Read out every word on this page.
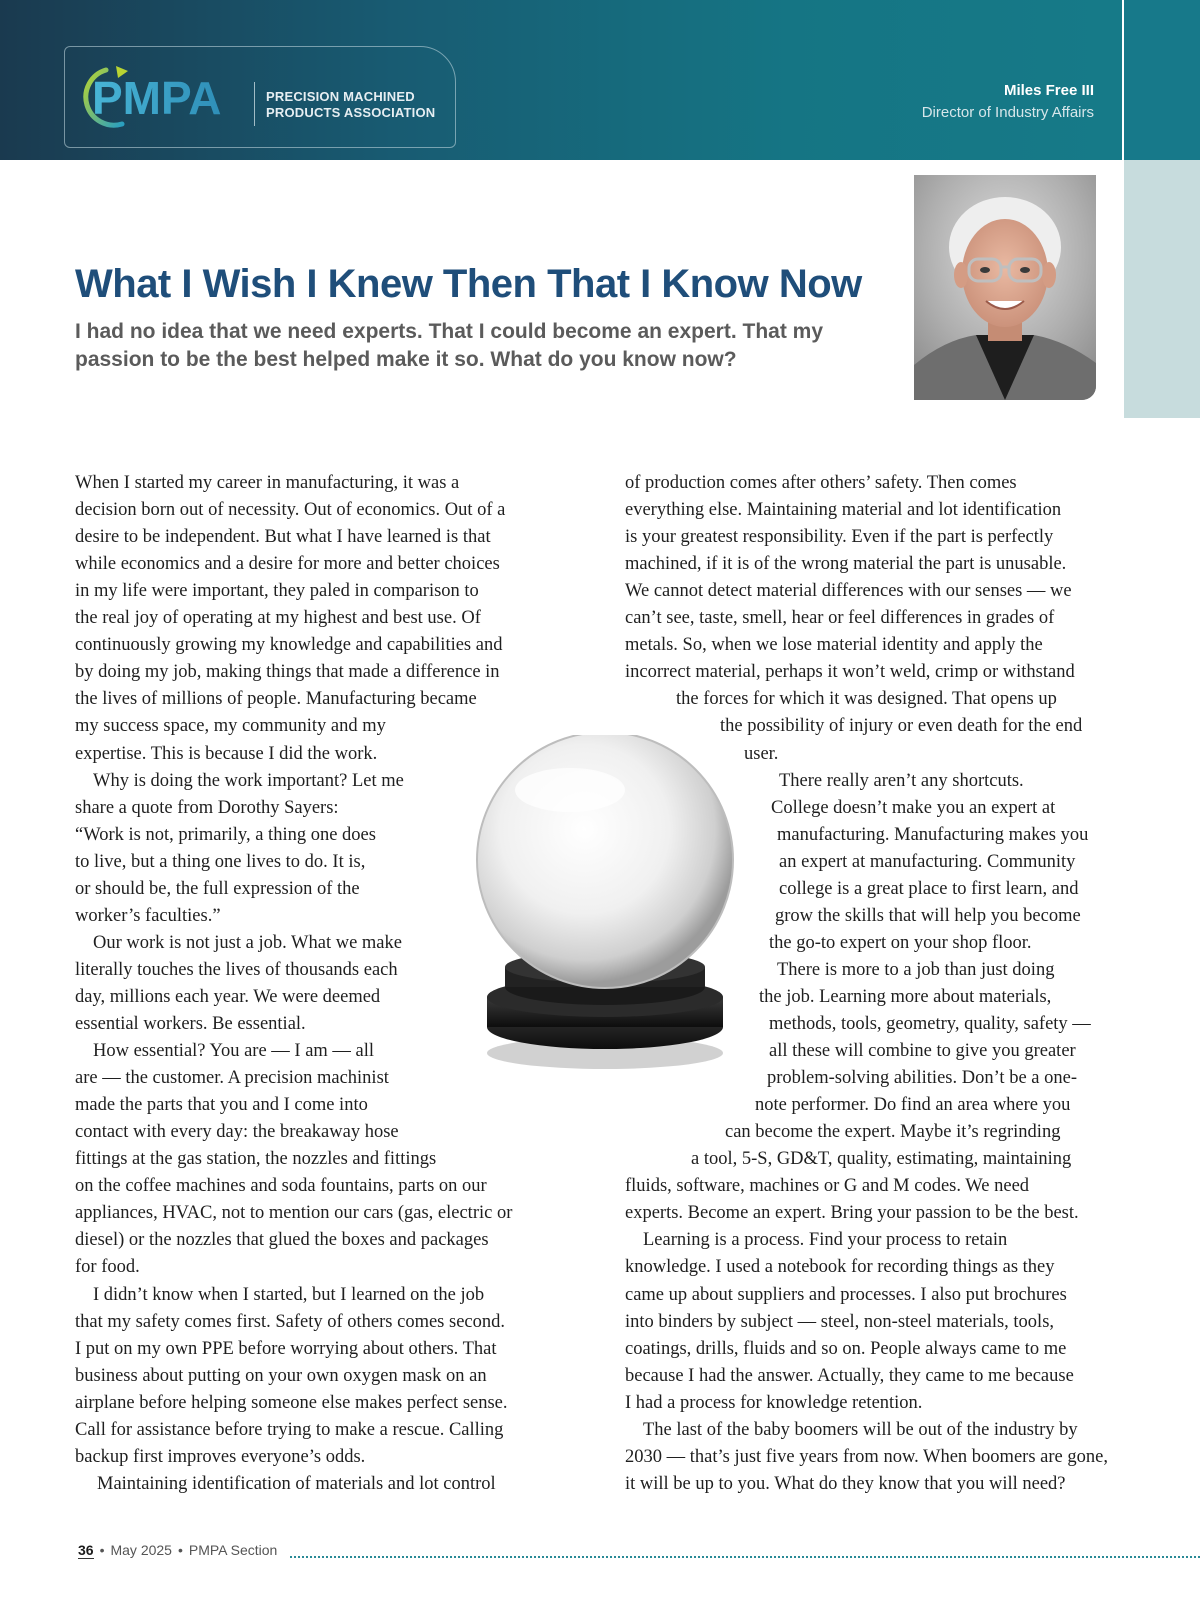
PMPA	PRECISION MACHINED
PRODUCTS ASSOCIATION
Miles Free III
Director of Industry Affairs
What I Wish I Knew Then That I Know Now
I had no idea that we need experts. That I could become an expert. That my passion to be the best helped make it so. What do you know now?
When I started my career in manufacturing, it was a
decision born out of necessity. Out of economics. Out of a
desire to be independent. But what I have learned is that
while economics and a desire for more and better choices
in my life were important, they paled in comparison to
the real joy of operating at my highest and best use. Of
continuously growing my knowledge and capabilities and
by doing my job, making things that made a difference in
the lives of millions of people. Manufacturing became
my success space, my community and my
expertise. This is because I did the work.
Why is doing the work important? Let me
share a quote from Dorothy Sayers:
“Work is not, primarily, a thing one does
to live, but a thing one lives to do. It is,
or should be, the full expression of the
worker’s faculties.”
Our work is not just a job. What we make
literally touches the lives of thousands each
day, millions each year. We were deemed
essential workers. Be essential.
How essential? You are — I am — all
are — the customer. A precision machinist
made the parts that you and I come into
contact with every day: the breakaway hose
fittings at the gas station, the nozzles and fittings
on the coffee machines and soda fountains, parts on our
appliances, HVAC, not to mention our cars (gas, electric or
diesel) or the nozzles that glued the boxes and packages
for food.
I didn’t know when I started, but I learned on the job
that my safety comes first. Safety of others comes second.
I put on my own PPE before worrying about others. That
business about putting on your own oxygen mask on an
airplane before helping someone else makes perfect sense.
Call for assistance before trying to make a rescue. Calling
backup first improves everyone’s odds.
Maintaining identification of materials and lot control
of production comes after others’ safety. Then comes
everything else. Maintaining material and lot identification
is your greatest responsibility. Even if the part is perfectly
machined, if it is of the wrong material the part is unusable.
We cannot detect material differences with our senses — we
can’t see, taste, smell, hear or feel differences in grades of
metals. So, when we lose material identity and apply the
incorrect material, perhaps it won’t weld, crimp or withstand
the forces for which it was designed. That opens up
the possibility of injury or even death for the end
user.
There really aren’t any shortcuts.
College doesn’t make you an expert at
manufacturing. Manufacturing makes you
an expert at manufacturing. Community
college is a great place to first learn, and
grow the skills that will help you become
the go-to expert on your shop floor.
There is more to a job than just doing
the job. Learning more about materials,
methods, tools, geometry, quality, safety —
all these will combine to give you greater
problem-solving abilities. Don’t be a one-
note performer. Do find an area where you
can become the expert. Maybe it’s regrinding
a tool, 5-S, GD&T, quality, estimating, maintaining
fluids, software, machines or G and M codes. We need
experts. Become an expert. Bring your passion to be the best.
Learning is a process. Find your process to retain
knowledge. I used a notebook for recording things as they
came up about suppliers and processes. I also put brochures
into binders by subject — steel, non-steel materials, tools,
coatings, drills, fluids and so on. People always came to me
because I had the answer. Actually, they came to me because
I had a process for knowledge retention.
The last of the baby boomers will be out of the industry by
2030 — that’s just five years from now. When boomers are gone,
it will be up to you. What do they know that you will need?
36 • May 2025 • PMPA Section
